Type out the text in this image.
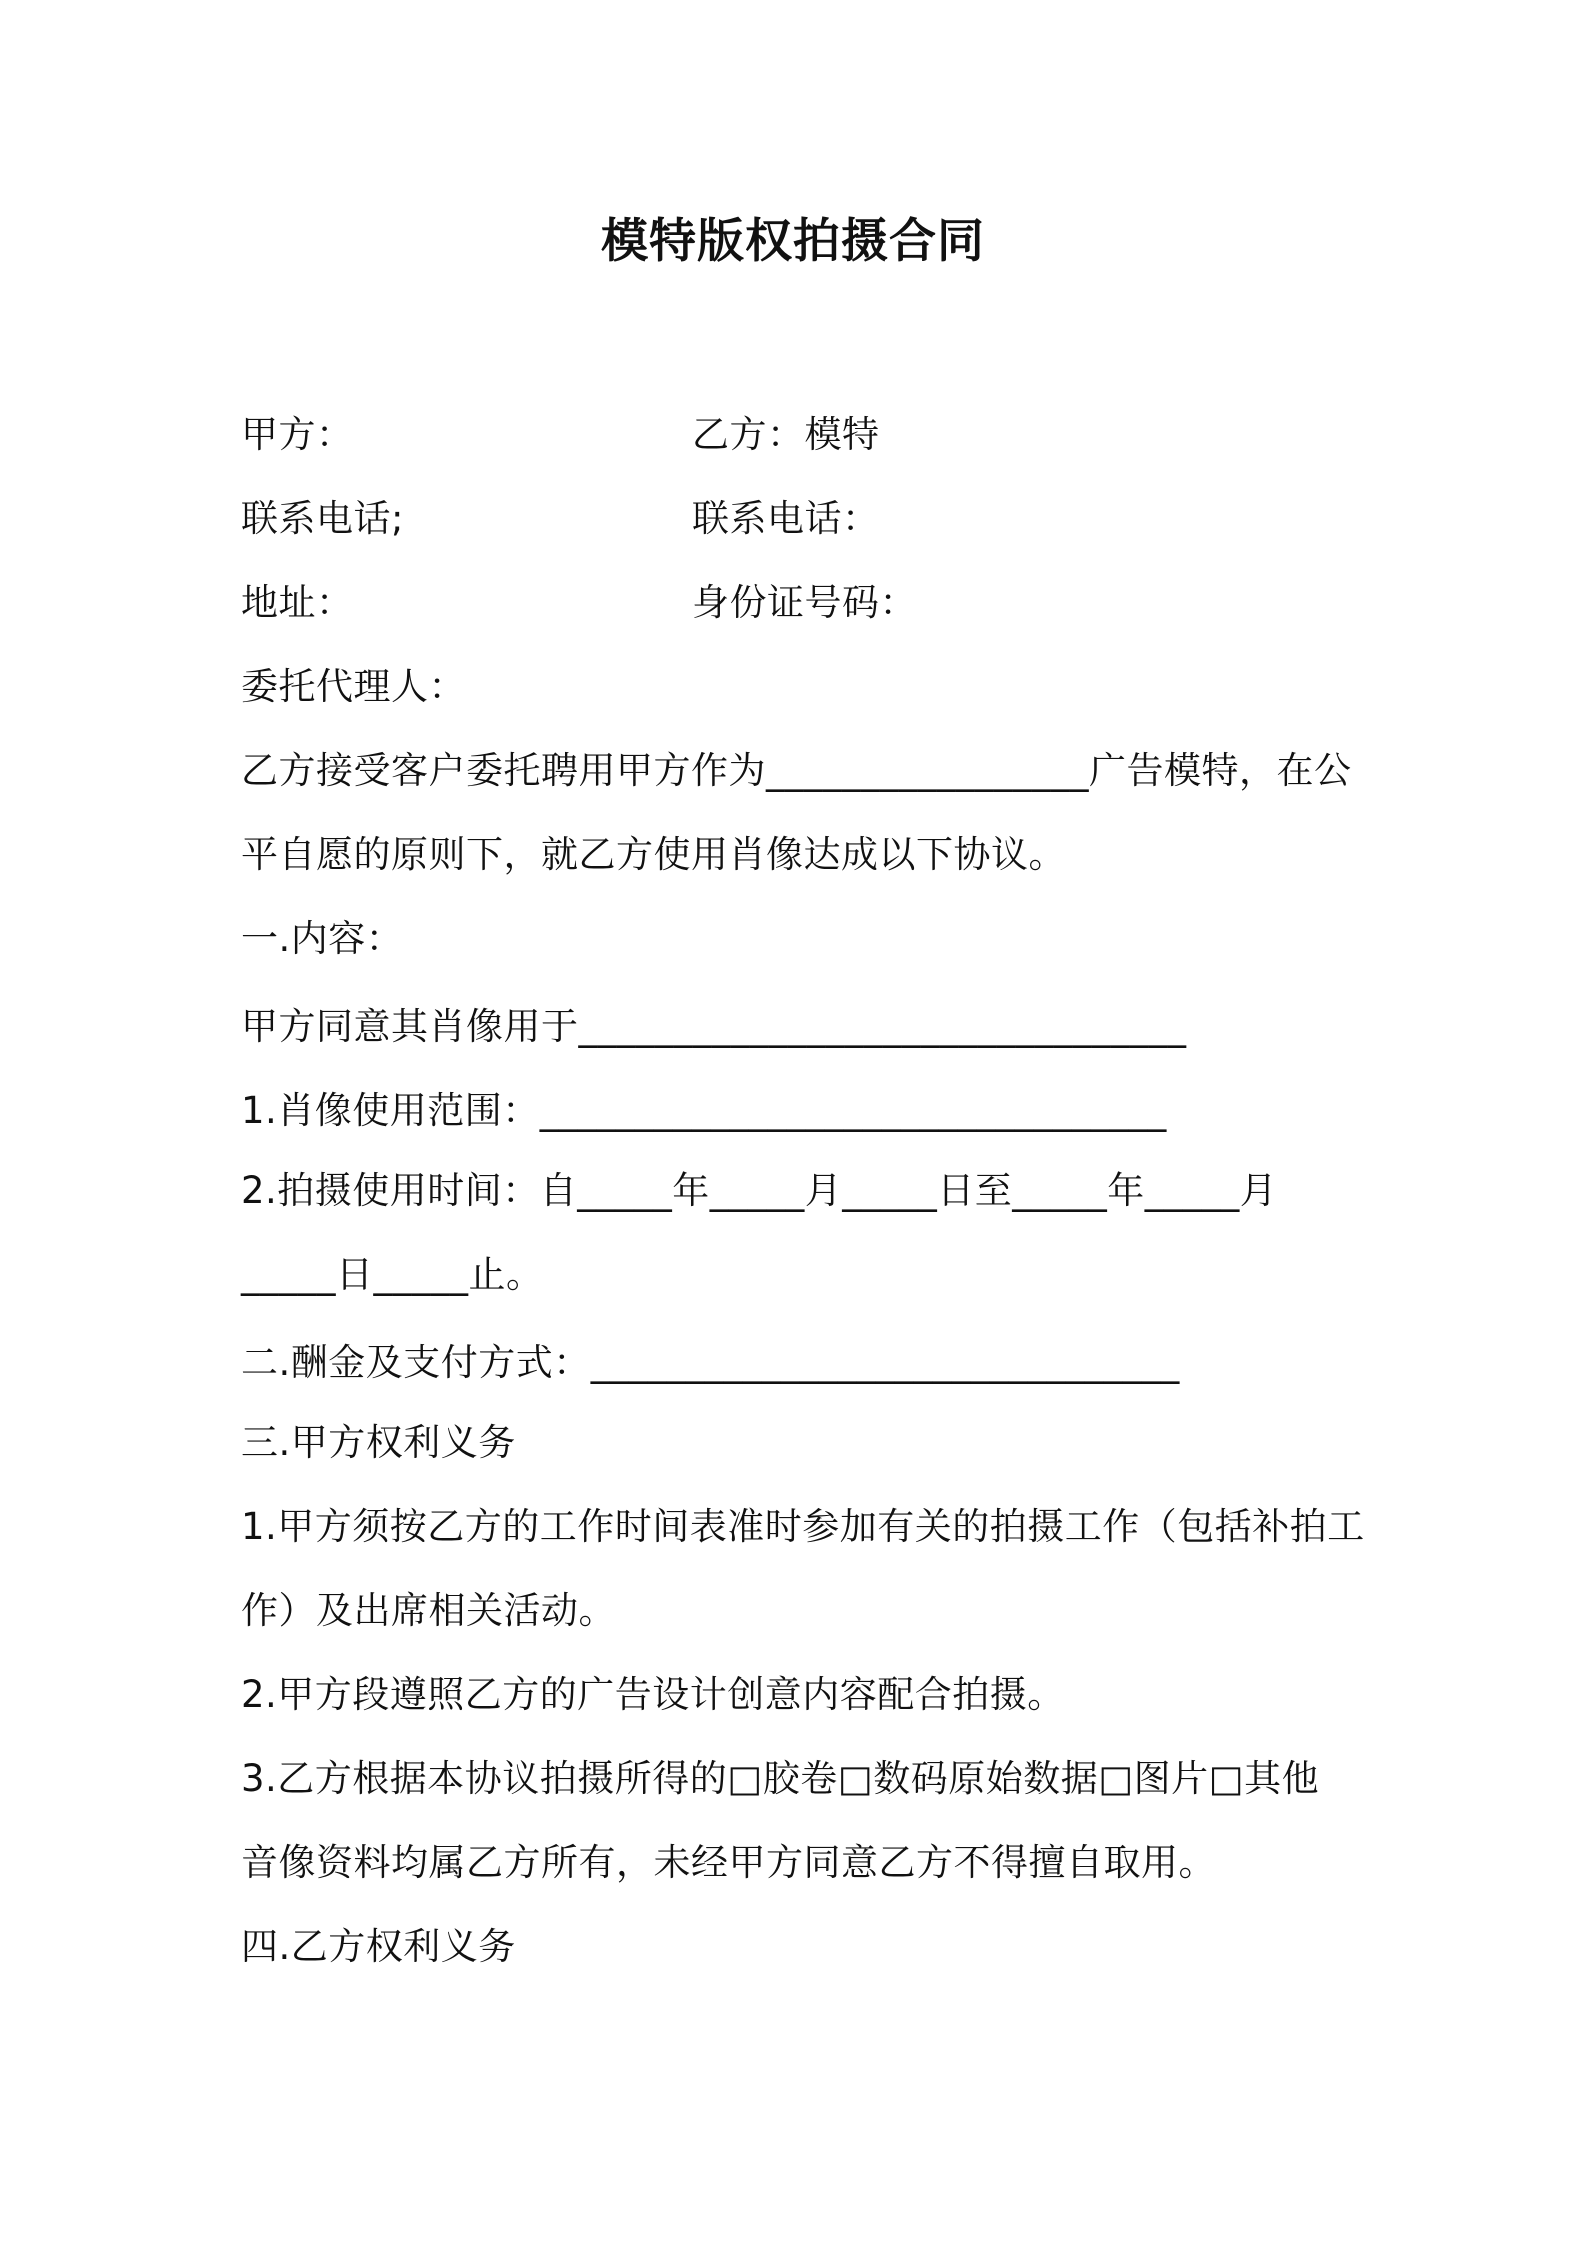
模特版权拍摄合同
甲方：	乙方：模特
联系电话;	联系电话：
地址：	身份证号码：
委托代理人：
乙方接受客户委托聘用甲方作为_________________广告模特，在公
平自愿的原则下，就乙方使用肖像达成以下协议。
一.内容：
甲方同意其肖像用于________________________________
1.肖像使用范围：_________________________________
2.拍摄使用时间：自_____年_____月_____日至_____年_____月
_____日_____止。
二.酬金及支付方式：_______________________________
三.甲方权利义务
1.甲方须按乙方的工作时间表准时参加有关的拍摄工作（包括补拍工
作）及出席相关活动。
2.甲方段遵照乙方的广告设计创意内容配合拍摄。
3.乙方根据本协议拍摄所得的□胶卷□数码原始数据□图片□其他
音像资料均属乙方所有，未经甲方同意乙方不得擅自取用。
四.乙方权利义务
